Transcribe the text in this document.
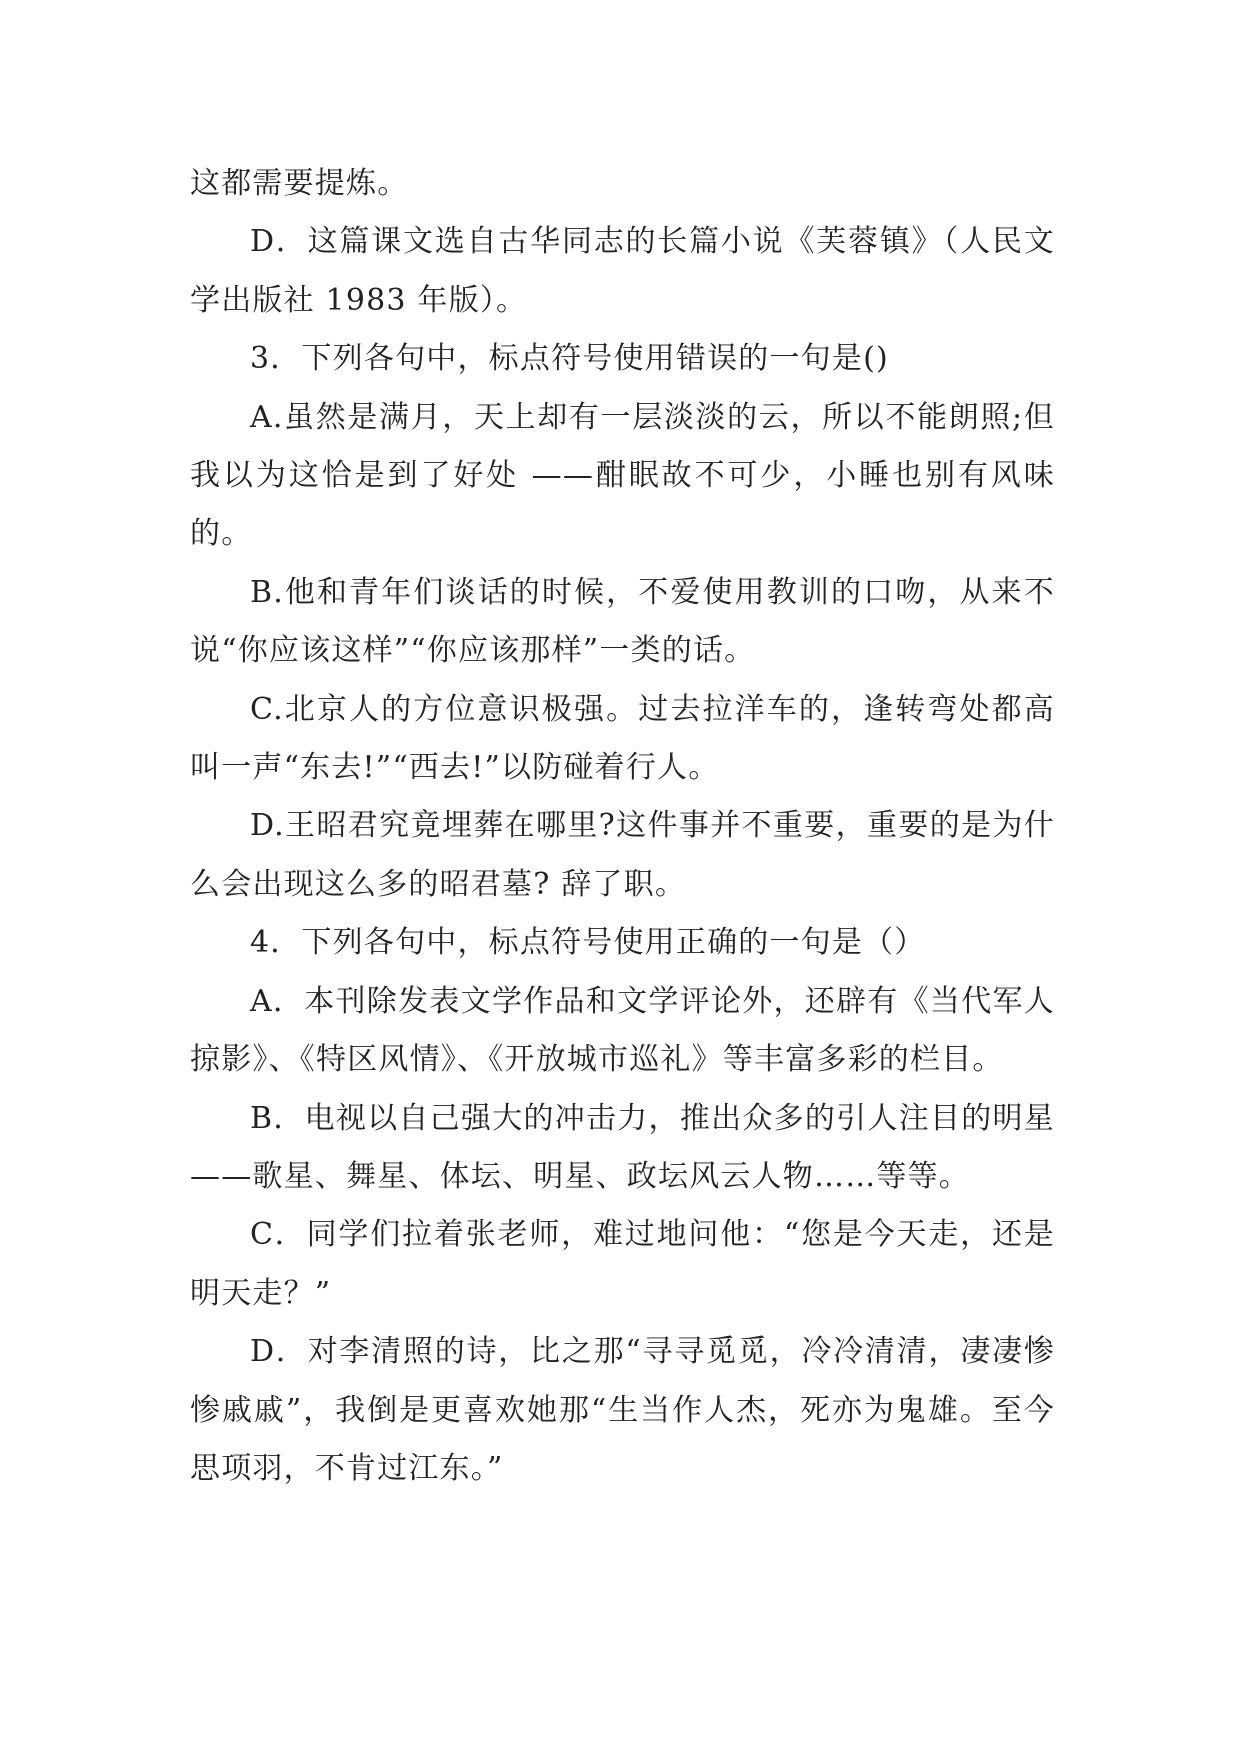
这都需要提炼。

D．这篇课文选自古华同志的长篇小说《芙蓉镇》（人民文学出版社 1983 年版）。

3．下列各句中，标点符号使用错误的一句是()

A.虽然是满月，天上却有一层淡淡的云，所以不能朗照;但我以为这恰是到了好处 ——酣眠故不可少，小睡也别有风味的。

B.他和青年们谈话的时候，不爱使用教训的口吻，从来不说“你应该这样”“你应该那样”一类的话。

C.北京人的方位意识极强。过去拉洋车的，逢转弯处都高叫一声“东去!”“西去!”以防碰着行人。

D.王昭君究竟埋葬在哪里?这件事并不重要，重要的是为什么会出现这么多的昭君墓? 辞了职。

4．下列各句中，标点符号使用正确的一句是（）

A．本刊除发表文学作品和文学评论外，还辟有《当代军人掠影》、《特区风情》、《开放城市巡礼》等丰富多彩的栏目。

B．电视以自己强大的冲击力，推出众多的引人注目的明星——歌星、舞星、体坛、明星、政坛风云人物……等等。

C．同学们拉着张老师，难过地问他：“您是今天走，还是明天走？”

D．对李清照的诗，比之那“寻寻觅觅，冷冷清清，凄凄惨惨戚戚”，我倒是更喜欢她那“生当作人杰，死亦为鬼雄。至今思项羽，不肯过江东。”
